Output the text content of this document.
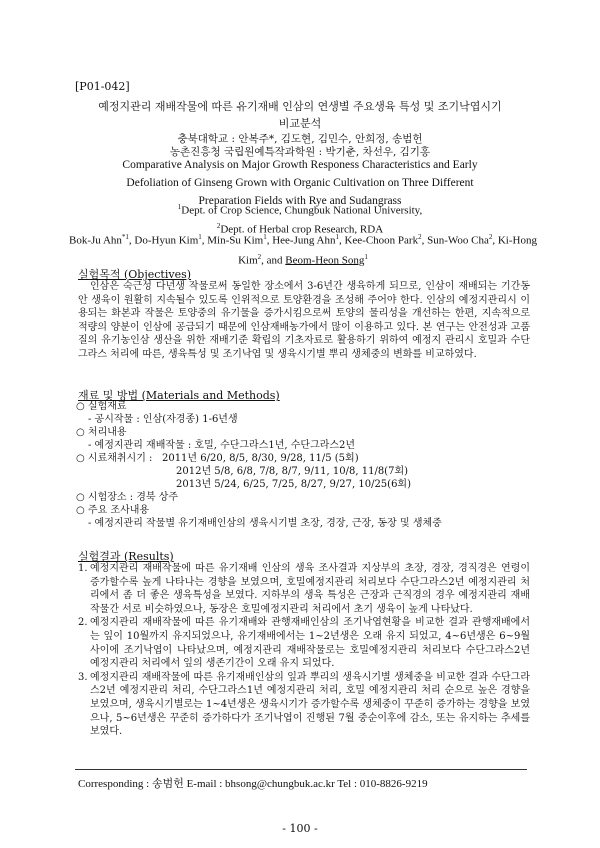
[P01-042]
예정지관리 재배작물에 따른 유기재배 인삼의 연생별 주요생육 특성 및 조기낙엽시기
비교분석
충북대학교 : 안복주*, 김도현, 김민수, 안희정, 송범헌
농촌진흥청 국립원예특작과학원 : 박기춘, 차선우, 김기홍
Comparative Analysis on Major Growth Responess Characteristics and Early
Defoliation of Ginseng Grown with Organic Cultivation on Three Different
Preparation Fields with Rye and Sudangrass
$^1$Dept. of Crop Science, Chungbuk National University,
$^2$Dept. of Herbal crop Research, RDA
Bok-Ju Ahn$^{*1}$, Do-Hyun Kim$^1$, Min-Su Kim$^1$, Hee-Jung Ahn$^1$, Kee-Choon Park$^2$, Sun-Woo Cha$^2$, Ki-Hong Kim$^2$, and Beom-Heon Song$^1$
실험목적 (Objectives)
인삼은 숙근성 다년생 작물로써 동일한 장소에서 3-6년간 생육하게 되므로, 인삼이 재배되는 기간동안 생육이 원활히 지속될수 있도록 인위적으로 토양환경을 조성해 주어야 한다. 인삼의 예정지관리시 이용되는 화본과 작물은 토양중의 유기물을 증가시킴으로써 토양의 물리성을 개선하는 한편, 지속적으로 적량의 양분이 인삼에 공급되기 때문에 인삼재배농가에서 많이 이용하고 있다. 본 연구는 안전성과 고품질의 유기농인삼 생산을 위한 재배기준 확립의 기초자료로 활용하기 위하여 예정지 관리시 호밀과 수단그라스 처리에 따른, 생육특성 및 조기낙엽 및 생육시기별 뿌리 생체중의 변화를 비교하였다.
재료 및 방법 (Materials and Methods)
○ 실험재료
- 공시작물 : 인삼(자경종) 1-6년생
○ 처리내용
- 예정지관리 재배작물 : 호밀, 수단그라스1년, 수단그라스2년
○ 시료채취시기 : 2011년 6/20, 8/5, 8/30, 9/28, 11/5 (5회)
2012년 5/8, 6/8, 7/8, 8/7, 9/11, 10/8, 11/8(7회)
2013년 5/24, 6/25, 7/25, 8/27, 9/27, 10/25(6회)
○ 시험장소 : 경북 상주
○ 주요 조사내용
- 예정지관리 작물별 유기재배인삼의 생육시기별 초장, 경장, 근장, 동장 및 생체중
실험결과 (Results)
1. 예정지관리 재배작물에 따른 유기재배 인삼의 생육 조사결과 지상부의 초장, 경장, 경직경은 연령이 증가할수록 높게 나타나는 경향을 보였으며, 호밀예정지관리 처리보다 수단그라스2년 예정지관리 처리에서 좀 더 좋은 생육특성을 보였다. 지하부의 생육 특성은 근장과 근직경의 경우 예정지관리 재배작물간 서로 비슷하였으나, 동장은 호밀예정지관리 처리에서 초기 생육이 높게 나타났다.
2. 예정지관리 재배작물에 따른 유기재배와 관행재배인삼의 조기낙엽현황을 비교한 결과 관행재배에서는 잎이 10월까지 유지되었으나, 유기재배에서는 1~2년생은 오래 유지 되었고, 4~6년생은 6~9월 사이에 조기낙엽이 나타났으며, 예정지관리 재배작물로는 호밀예정지관리 처리보다 수단그라스2년 예정지관리 처리에서 잎의 생존기간이 오래 유지 되었다.
3. 예정지관리 재배작물에 따른 유기재배인삼의 잎과 뿌리의 생육시기별 생체중을 비교한 결과 수단그라스2년 예정지관리 처리, 수단그라스1년 예정지관리 처리, 호밀 예정지관리 처리 순으로 높은 경향을 보였으며, 생육시기별로는 1~4년생은 생육시기가 증가할수록 생체중이 꾸준히 증가하는 경향을 보였으나, 5~6년생은 꾸준히 증가하다가 조기낙엽이 진행된 7월 중순이후에 감소, 또는 유지하는 추세를 보였다.
Corresponding : 송범헌 E-mail : bhsong@chungbuk.ac.kr Tel : 010-8826-9219
- 100 -
